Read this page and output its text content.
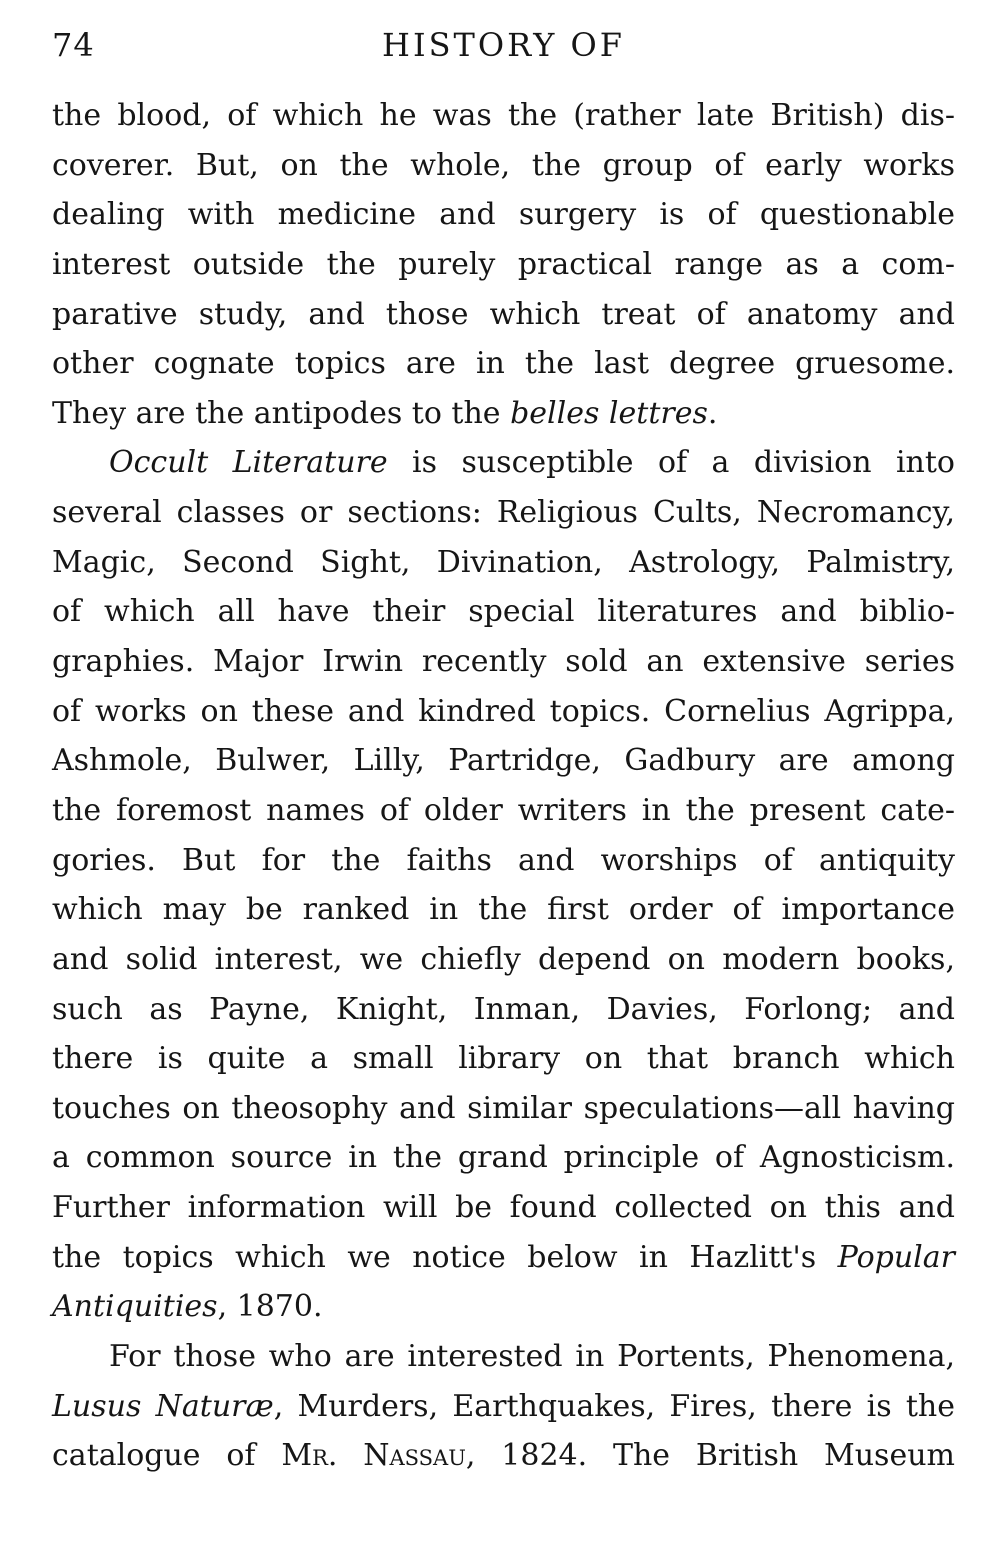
74	HISTORY OF
the blood, of which he was the (rather late British) dis-
coverer. But, on the whole, the group of early works
dealing with medicine and surgery is of questionable
interest outside the purely practical range as a com-
parative study, and those which treat of anatomy and
other cognate topics are in the last degree gruesome.
They are the antipodes to the belles lettres.
Occult Literature is susceptible of a division into
several classes or sections: Religious Cults, Necromancy,
Magic, Second Sight, Divination, Astrology, Palmistry,
of which all have their special literatures and biblio-
graphies. Major Irwin recently sold an extensive series
of works on these and kindred topics. Cornelius Agrippa,
Ashmole, Bulwer, Lilly, Partridge, Gadbury are among
the foremost names of older writers in the present cate-
gories. But for the faiths and worships of antiquity
which may be ranked in the first order of importance
and solid interest, we chiefly depend on modern books,
such as Payne, Knight, Inman, Davies, Forlong; and
there is quite a small library on that branch which
touches on theosophy and similar speculations—all having
a common source in the grand principle of Agnosticism.
Further information will be found collected on this and
the topics which we notice below in Hazlitt's Popular
Antiquities, 1870.
For those who are interested in Portents, Phenomena,
Lusus Naturæ, Murders, Earthquakes, Fires, there is the
catalogue of Mr. Nassau, 1824. The British Museum
